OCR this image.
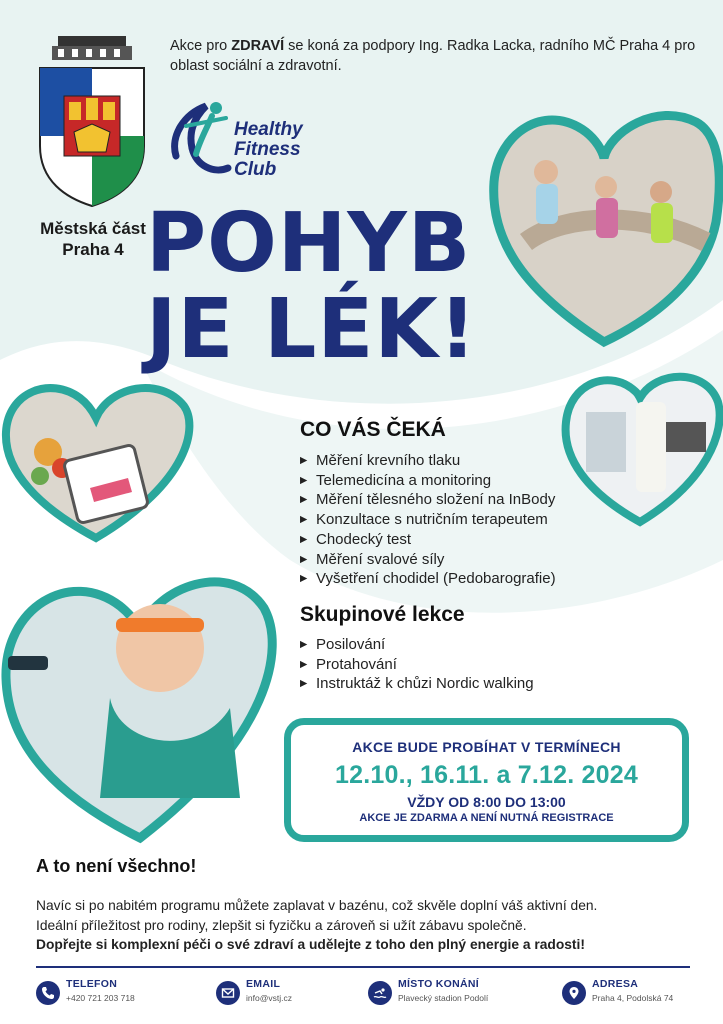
Městská část
Praha 4
Akce pro ZDRAVÍ se koná za podpory Ing. Radka Lacka, radního MČ Praha 4 pro oblast sociální a zdravotní.
Healthy
Fitness
Club
POHYB
JE LÉK!
CO VÁS ČEKÁ
▶ Měření krevního tlaku
▶ Telemedicína a monitoring
▶ Měření tělesného složení na InBody
▶ Konzultace s nutričním terapeutem
▶ Chodecký test
▶ Měření svalové síly
▶ Vyšetření chodidel (Pedobarografie)
Skupinové lekce
▶ Posilování
▶ Protahování
▶ Instruktáž k chůzi Nordic walking
AKCE BUDE PROBÍHAT V TERMÍNECH
12.10., 16.11. a 7.12. 2024
VŽDY OD 8:00 DO 13:00
AKCE JE ZDARMA A NENÍ NUTNÁ REGISTRACE
A to není všechno!
Navíc si po nabitém programu můžete zaplavat v bazénu, což skvěle doplní váš aktivní den.
Ideální příležitost pro rodiny, zlepšit si fyzičku a zároveň si užít zábavu společně.
Dopřejte si komplexní péči o své zdraví a udělejte z toho den plný energie a radosti!
TELEFON
+420 721 203 718
EMAIL
info@vstj.cz
MÍSTO KONÁNÍ
Plavecký stadion Podolí
ADRESA
Praha 4, Podolská 74
